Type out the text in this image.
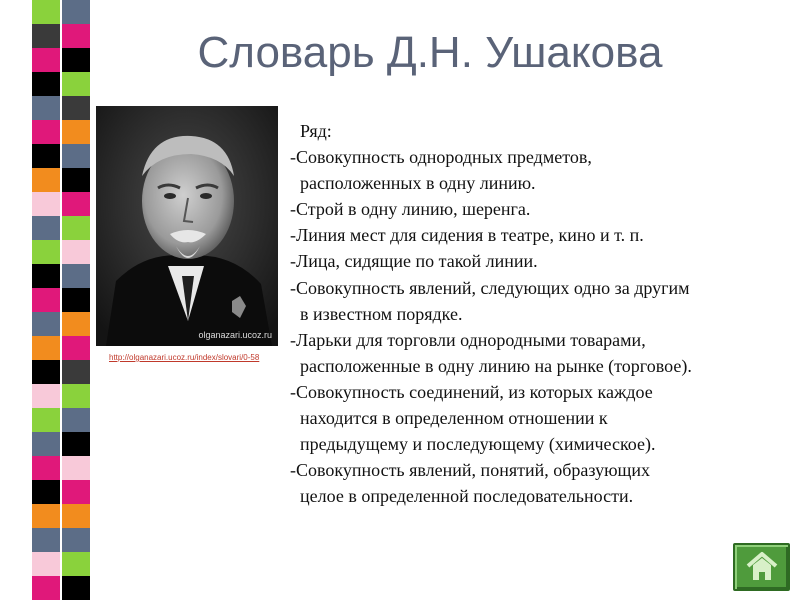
Словарь Д.Н. Ушакова
olganazari.ucoz.ru
http://olganazari.ucoz.ru/index/slovari/0-58
Ряд:
-Совокупность однородных предметов,
расположенных в одну линию.
-Строй в одну линию, шеренга.
-Линия мест для сидения в театре, кино и т. п.
-Лица, сидящие по такой линии.
-Совокупность явлений, следующих одно за другим
в известном порядке.
-Ларьки для торговли однородными товарами,
расположенные в одну линию на рынке (торговое).
-Совокупность соединений, из которых каждое
находится в определенном отношении к
предыдущему и последующему (химическое).
-Совокупность явлений, понятий, образующих
целое в определенной последовательности.
